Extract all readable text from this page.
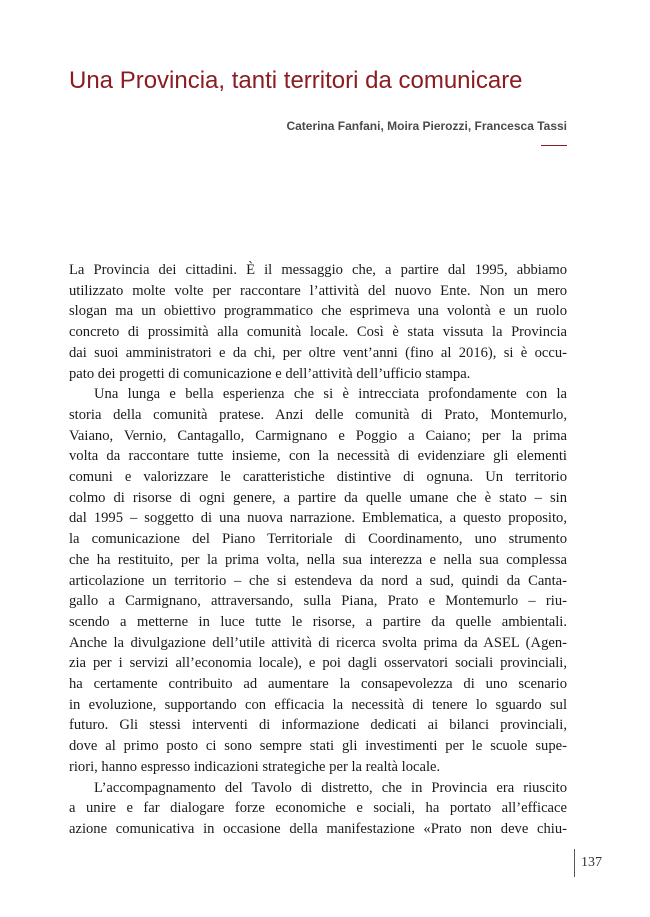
Una Provincia, tanti territori da comunicare
Caterina Fanfani, Moira Pierozzi, Francesca Tassi
La Provincia dei cittadini. È il messaggio che, a partire dal 1995, abbiamo
utilizzato molte volte per raccontare l’attività del nuovo Ente. Non un mero
slogan ma un obiettivo programmatico che esprimeva una volontà e un ruolo
concreto di prossimità alla comunità locale. Così è stata vissuta la Provincia
dai suoi amministratori e da chi, per oltre vent’anni (fino al 2016), si è occu-
pato dei progetti di comunicazione e dell’attività dell’ufficio stampa.
Una lunga e bella esperienza che si è intrecciata profondamente con la
storia della comunità pratese. Anzi delle comunità di Prato, Montemurlo,
Vaiano, Vernio, Cantagallo, Carmignano e Poggio a Caiano; per la prima
volta da raccontare tutte insieme, con la necessità di evidenziare gli elementi
comuni e valorizzare le caratteristiche distintive di ognuna. Un territorio
colmo di risorse di ogni genere, a partire da quelle umane che è stato – sin
dal 1995 – soggetto di una nuova narrazione. Emblematica, a questo proposito,
la comunicazione del Piano Territoriale di Coordinamento, uno strumento
che ha restituito, per la prima volta, nella sua interezza e nella sua complessa
articolazione un territorio – che si estendeva da nord a sud, quindi da Canta-
gallo a Carmignano, attraversando, sulla Piana, Prato e Montemurlo – riu-
scendo a metterne in luce tutte le risorse, a partire da quelle ambientali.
Anche la divulgazione dell’utile attività di ricerca svolta prima da ASEL (Agen-
zia per i servizi all’economia locale), e poi dagli osservatori sociali provinciali,
ha certamente contribuito ad aumentare la consapevolezza di uno scenario
in evoluzione, supportando con efficacia la necessità di tenere lo sguardo sul
futuro. Gli stessi interventi di informazione dedicati ai bilanci provinciali,
dove al primo posto ci sono sempre stati gli investimenti per le scuole supe-
riori, hanno espresso indicazioni strategiche per la realtà locale.
L’accompagnamento del Tavolo di distretto, che in Provincia era riuscito
a unire e far dialogare forze economiche e sociali, ha portato all’efficace
azione comunicativa in occasione della manifestazione «Prato non deve chiu-
137
